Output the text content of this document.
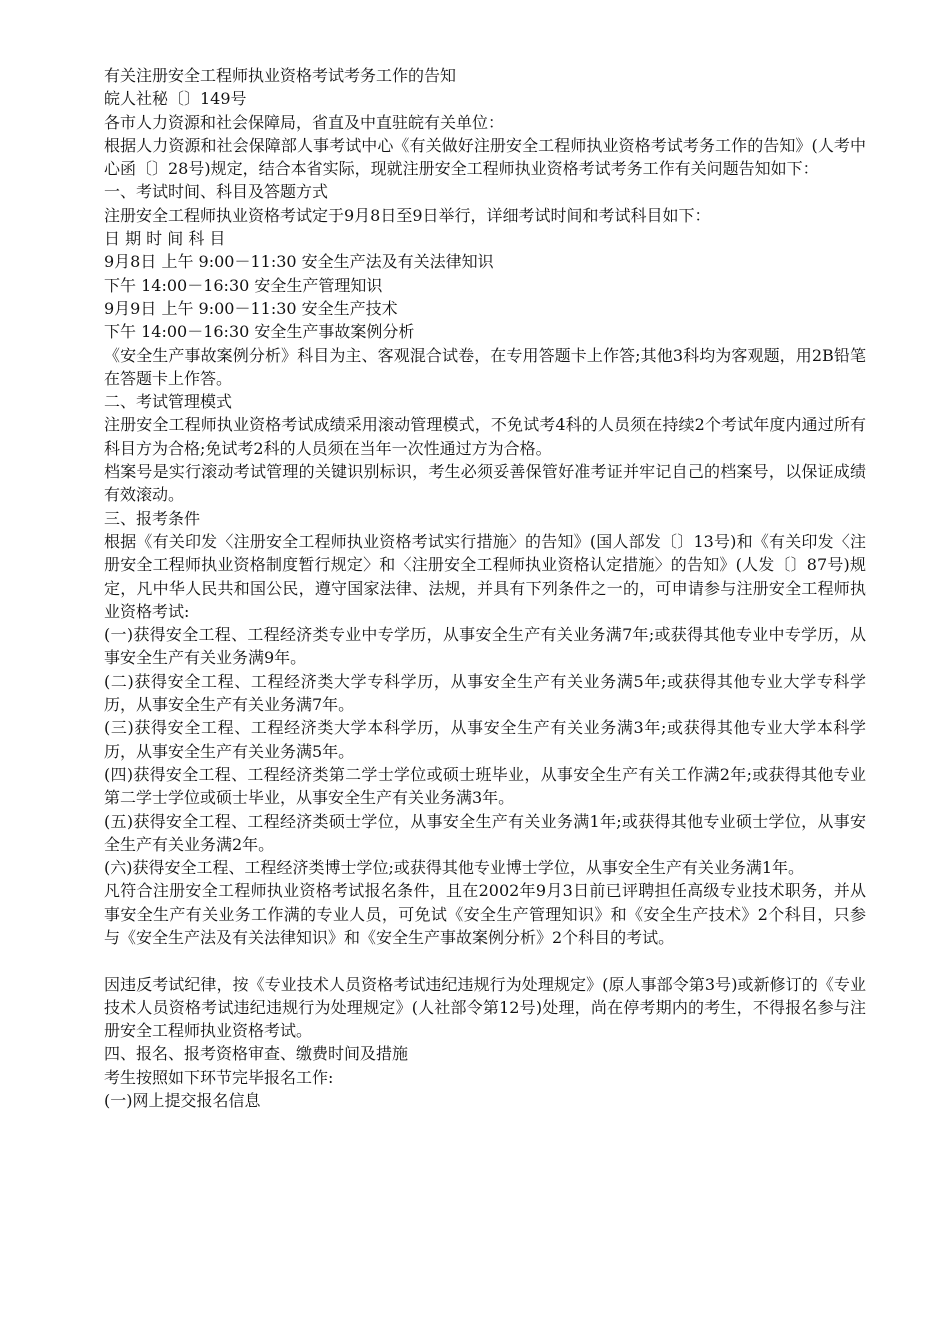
有关注册安全工程师执业资格考试考务工作的告知

皖人社秘〔〕149号

各市人力资源和社会保障局，省直及中直驻皖有关单位：

根据人力资源和社会保障部人事考试中心《有关做好注册安全工程师执业资格考试考务工作的告知》(人考中心函〔〕28号)规定，结合本省实际，现就注册安全工程师执业资格考试考务工作有关问题告知如下：

一、考试时间、科目及答题方式

注册安全工程师执业资格考试定于9月8日至9日举行，详细考试时间和考试科目如下：

日 期 时 间 科 目

9月8日 上午 9:00－11:30 安全生产法及有关法律知识

下午 14:00－16:30 安全生产管理知识

9月9日 上午 9:00－11:30 安全生产技术

下午 14:00－16:30 安全生产事故案例分析

《安全生产事故案例分析》科目为主、客观混合试卷，在专用答题卡上作答;其他3科均为客观题，用2B铅笔在答题卡上作答。

二、考试管理模式

注册安全工程师执业资格考试成绩采用滚动管理模式，不免试考4科的人员须在持续2个考试年度内通过所有科目方为合格;免试考2科的人员须在当年一次性通过方为合格。

档案号是实行滚动考试管理的关键识别标识，考生必须妥善保管好准考证并牢记自己的档案号，以保证成绩有效滚动。

三、报考条件

根据《有关印发〈注册安全工程师执业资格考试实行措施〉的告知》(国人部发〔〕13号)和《有关印发〈注册安全工程师执业资格制度暂行规定〉和〈注册安全工程师执业资格认定措施〉的告知》(人发〔〕87号)规定，凡中华人民共和国公民，遵守国家法律、法规，并具有下列条件之一的，可申请参与注册安全工程师执业资格考试:

(一)获得安全工程、工程经济类专业中专学历，从事安全生产有关业务满7年;或获得其他专业中专学历，从事安全生产有关业务满9年。

(二)获得安全工程、工程经济类大学专科学历，从事安全生产有关业务满5年;或获得其他专业大学专科学历，从事安全生产有关业务满7年。

(三)获得安全工程、工程经济类大学本科学历，从事安全生产有关业务满3年;或获得其他专业大学本科学历，从事安全生产有关业务满5年。

(四)获得安全工程、工程经济类第二学士学位或硕士班毕业，从事安全生产有关工作满2年;或获得其他专业第二学士学位或硕士毕业，从事安全生产有关业务满3年。

(五)获得安全工程、工程经济类硕士学位，从事安全生产有关业务满1年;或获得其他专业硕士学位，从事安全生产有关业务满2年。

(六)获得安全工程、工程经济类博士学位;或获得其他专业博士学位，从事安全生产有关业务满1年。

凡符合注册安全工程师执业资格考试报名条件，且在2002年9月3日前已评聘担任高级专业技术职务，并从事安全生产有关业务工作满的专业人员，可免试《安全生产管理知识》和《安全生产技术》2个科目，只参与《安全生产法及有关法律知识》和《安全生产事故案例分析》2个科目的考试。

因违反考试纪律，按《专业技术人员资格考试违纪违规行为处理规定》(原人事部令第3号)或新修订的《专业技术人员资格考试违纪违规行为处理规定》(人社部令第12号)处理，尚在停考期内的考生，不得报名参与注册安全工程师执业资格考试。

四、报名、报考资格审查、缴费时间及措施

考生按照如下环节完毕报名工作:

(一)网上提交报名信息
